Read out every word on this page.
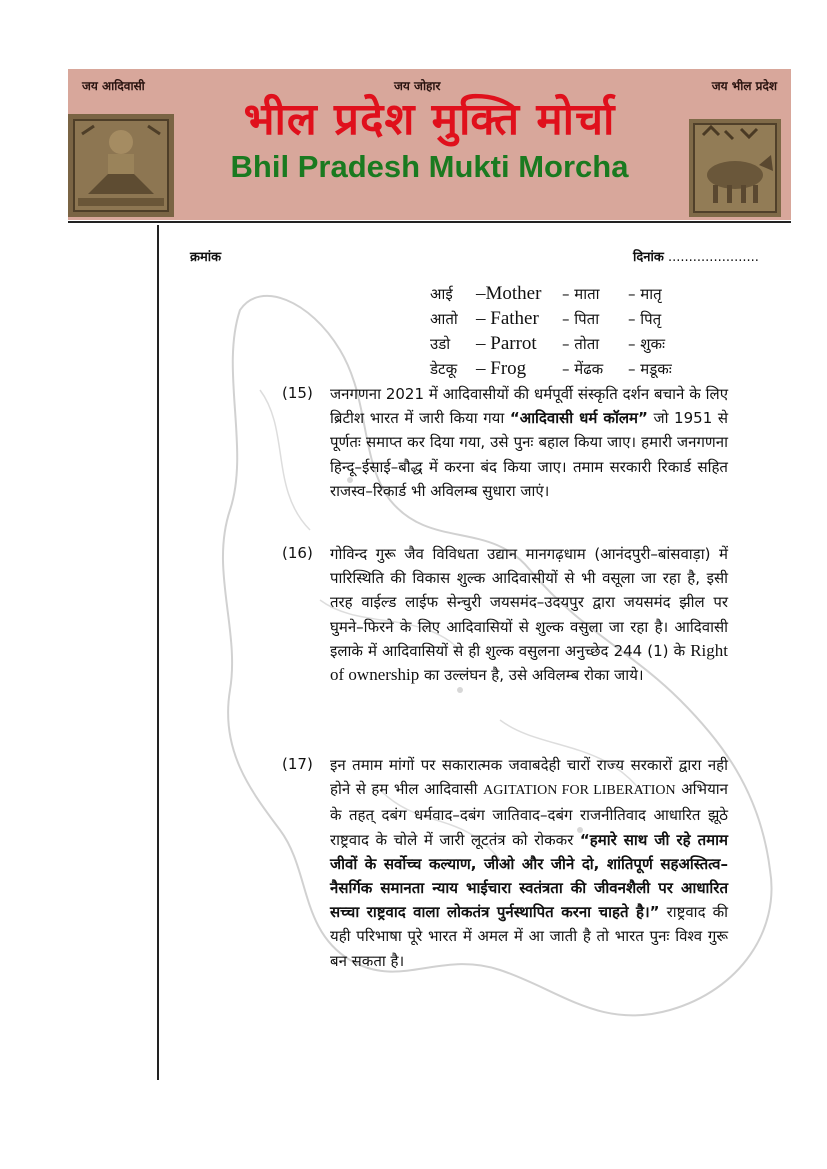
जय आदिवासी	जय जोहार	जय भील प्रदेश
भील प्रदेश मुक्ति मोर्चा
Bhil Pradesh Mukti Morcha
क्रमांक	दिनांक ......................
आई	–Mother	– माता	– मातृ
आतो – Father	– पिता	– पितृ
उडो	– Parrot	– तोता	– शुकः
डेटकू – Frog	– मेंढक	– मडूकः
(15) जनगणना 2021 में आदिवासीयों की धर्मपूर्वी संस्कृति दर्शन बचाने के लिए ब्रिटीश भारत में जारी किया गया “आदिवासी धर्म कॉलम” जो 1951 से पूर्णतः समाप्त कर दिया गया, उसे पुनः बहाल किया जाए। हमारी जनगणना हिन्दू–ईसाई–बौद्ध में करना बंद किया जाए। तमाम सरकारी रिकार्ड सहित राजस्व–रिकार्ड भी अविलम्ब सुधारा जाएं।
(16) गोविन्द गुरू जैव विविधता उद्यान मानगढ़धाम (आनंदपुरी–बांसवाड़ा) में पारिस्थिति की विकास शुल्क आदिवासीयों से भी वसूला जा रहा है, इसी तरह वाईल्ड लाईफ सेन्चुरी जयसमंद–उदयपुर द्वारा जयसमंद झील पर घुमने–फिरने के लिए आदिवासियों से शुल्क वसुला जा रहा है। आदिवासी इलाके में आदिवासियों से ही शुल्क वसुलना अनुच्छेद 244 (1) के Right of ownership का उल्लंघन है, उसे अविलम्ब रोका जाये।
(17) इन तमाम मांगों पर सकारात्मक जवाबदेही चारों राज्य सरकारों द्वारा नही होने से हम भील आदिवासी AGITATION FOR LIBERATION अभियान के तहत् दबंग धर्मवाद–दबंग जातिवाद–दबंग राजनीतिवाद आधारित झूठे राष्ट्रवाद के चोले में जारी लूटतंत्र को रोककर “हमारे साथ जी रहे तमाम जीवों के सर्वोच्च कल्याण, जीओ और जीने दो, शांतिपूर्ण सहअस्तित्व–नैसर्गिक समानता न्याय भाईचारा स्वतंत्रता की जीवनशैली पर आधारित सच्चा राष्ट्रवाद वाला लोकतंत्र पुर्नस्थापित करना चाहते है।” राष्ट्रवाद की यही परिभाषा पूरे भारत में अमल में आ जाती है तो भारत पुनः विश्व गुरू बन सकता है।
